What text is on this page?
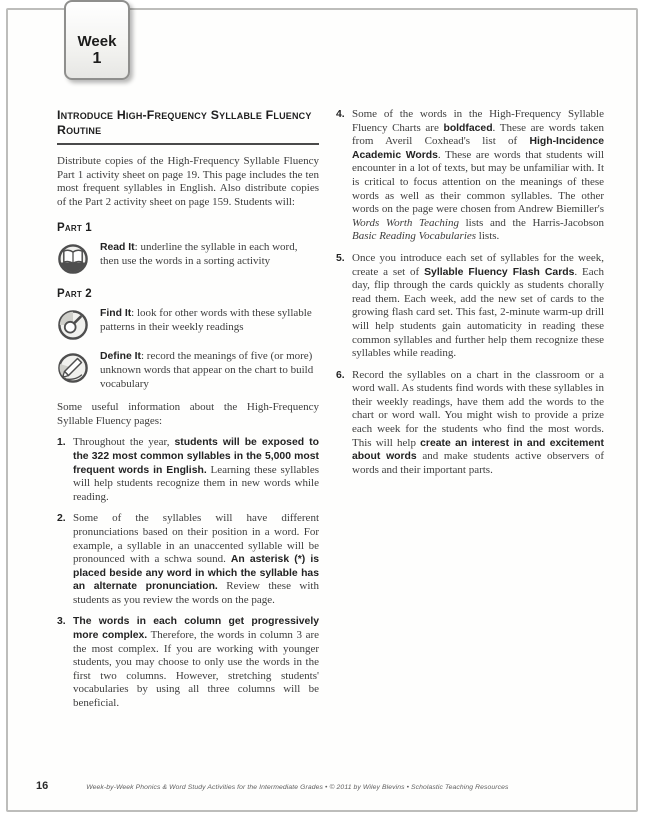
Week
1
Introduce High-Frequency Syllable Fluency Routine

Distribute copies of the High-Frequency Syllable Fluency Part 1 activity sheet on page 19. This page includes the ten most frequent syllables in English. Also distribute copies of the Part 2 activity sheet on page 159. Students will:

Part 1
Read It: underline the syllable in each word, then use the words in a sorting activity
Part 2
Find It: look for other words with these syllable patterns in their weekly readings
Define It: record the meanings of five (or more) unknown words that appear on the chart to build vocabulary

Some useful information about the High-Frequency Syllable Fluency pages:

1. Throughout the year, students will be exposed to the 322 most common syllables in the 5,000 most frequent words in English. Learning these syllables will help students recognize them in new words while reading.
2. Some of the syllables will have different pronunciations based on their position in a word. For example, a syllable in an unaccented syllable will be pronounced with a schwa sound. An asterisk (*) is placed beside any word in which the syllable has an alternate pronunciation. Review these with students as you review the words on the page.
3. The words in each column get progressively more complex. Therefore, the words in column 3 are the most complex. If you are working with younger students, you may choose to only use the words in the first two columns. However, stretching students' vocabularies by using all three columns will be beneficial.
4. Some of the words in the High-Frequency Syllable Fluency Charts are boldfaced. These are words taken from Averil Coxhead's list of High-Incidence Academic Words. These are words that students will encounter in a lot of texts, but may be unfamiliar with. It is critical to focus attention on the meanings of these words as well as their common syllables. The other words on the page were chosen from Andrew Biemiller's Words Worth Teaching lists and the Harris-Jacobson Basic Reading Vocabularies lists.
5. Once you introduce each set of syllables for the week, create a set of Syllable Fluency Flash Cards. Each day, flip through the cards quickly as students chorally read them. Each week, add the new set of cards to the growing flash card set. This fast, 2-minute warm-up drill will help students gain automaticity in reading these common syllables and further help them recognize these syllables while reading.
6. Record the syllables on a chart in the classroom or a word wall. As students find words with these syllables in their weekly readings, have them add the words to the chart or word wall. You might wish to provide a prize each week for the students who find the most words. This will help create an interest in and excitement about words and make students active observers of words and their important parts.
16	Week-by-Week Phonics & Word Study Activities for the Intermediate Grades • © 2011 by Wiley Blevins • Scholastic Teaching Resources
